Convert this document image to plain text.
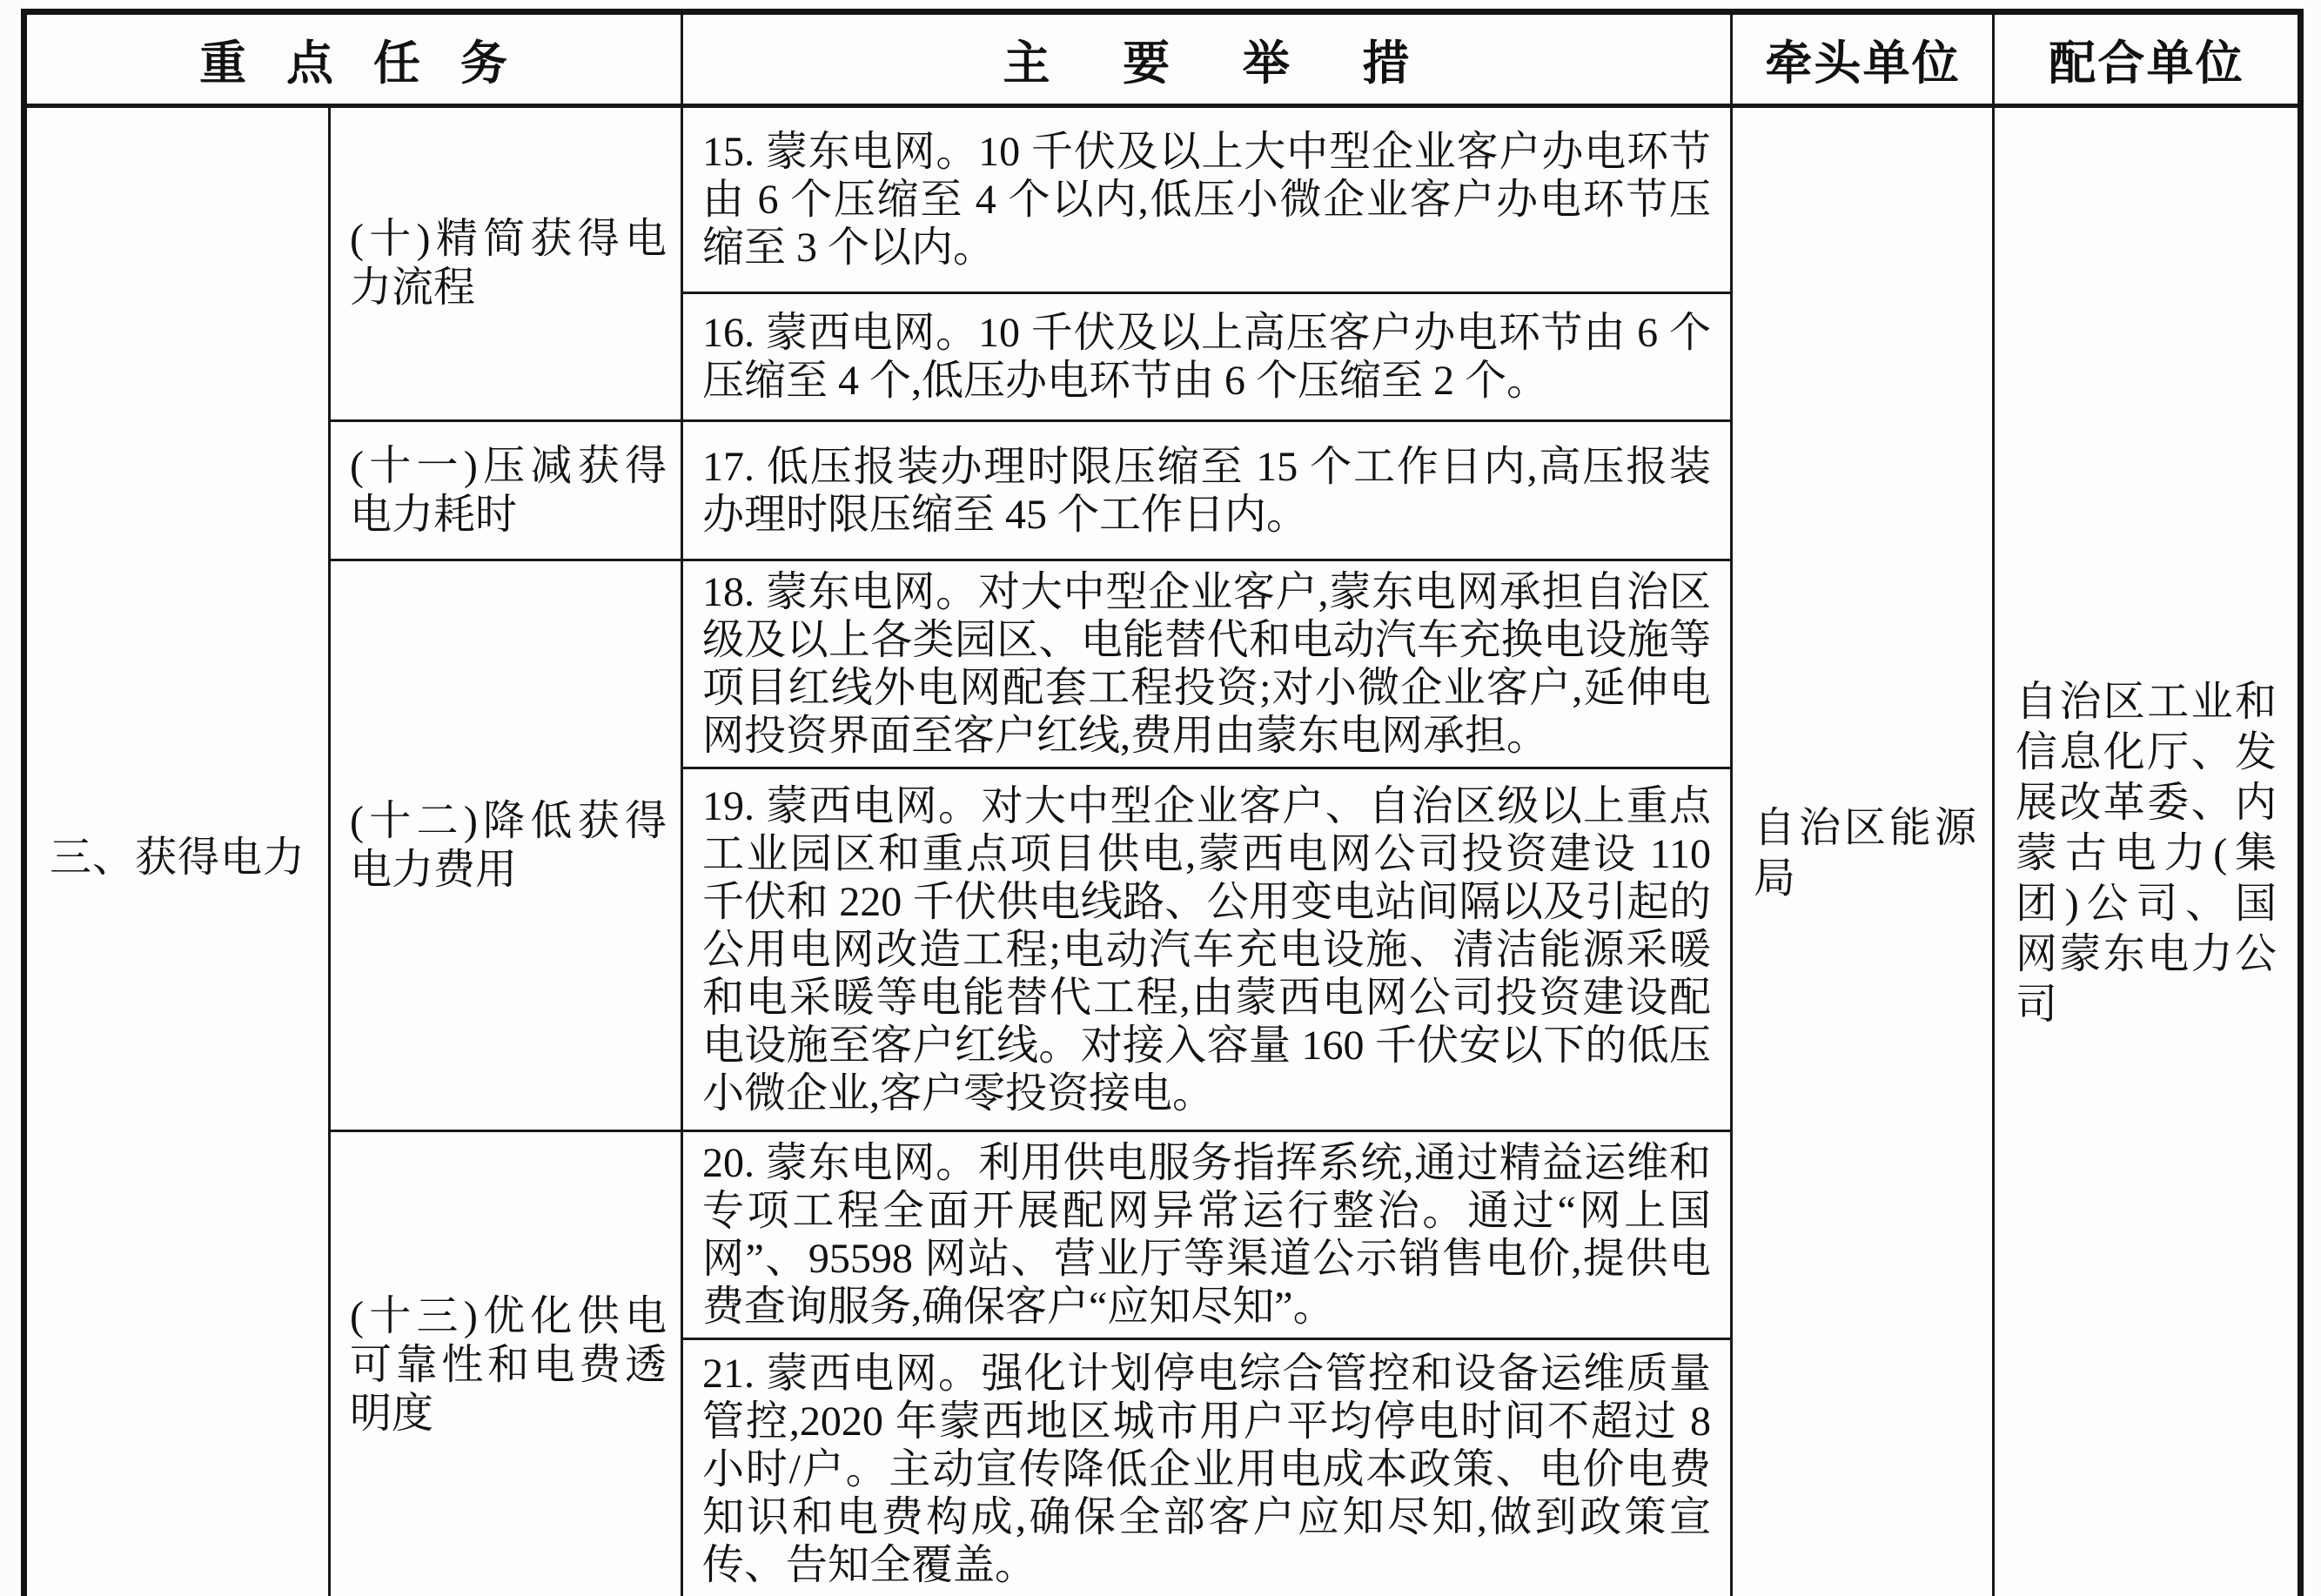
重点任务		主要举措	牵头单位	配合单位
三、获得电力	(十)精简获得电力流程	15. 蒙东电网。10 千伏及以上大中型企业客户办电环节由 6 个压缩至 4 个以内,低压小微企业客户办电环节压缩至 3 个以内。	自治区能源局	自治区工业和信息化厅、发展改革委、内蒙古电力(集团)公司、国网蒙东电力公司
		16. 蒙西电网。10 千伏及以上高压客户办电环节由 6 个压缩至 4 个,低压办电环节由 6 个压缩至 2 个。		
	(十一)压减获得电力耗时	17. 低压报装办理时限压缩至 15 个工作日内,高压报装办理时限压缩至 45 个工作日内。		
	(十二)降低获得电力费用	18. 蒙东电网。对大中型企业客户,蒙东电网承担自治区级及以上各类园区、电能替代和电动汽车充换电设施等项目红线外电网配套工程投资;对小微企业客户,延伸电网投资界面至客户红线,费用由蒙东电网承担。		
		19. 蒙西电网。对大中型企业客户、自治区级以上重点工业园区和重点项目供电,蒙西电网公司投资建设 110 千伏和 220 千伏供电线路、公用变电站间隔以及引起的公用电网改造工程;电动汽车充电设施、清洁能源采暖和电采暖等电能替代工程,由蒙西电网公司投资建设配电设施至客户红线。对接入容量 160 千伏安以下的低压小微企业,客户零投资接电。		
	(十三)优化供电可靠性和电费透明度	20. 蒙东电网。利用供电服务指挥系统,通过精益运维和专项工程全面开展配网异常运行整治。通过“网上国网”、95598 网站、营业厅等渠道公示销售电价,提供电费查询服务,确保客户“应知尽知”。		
		21. 蒙西电网。强化计划停电综合管控和设备运维质量管控,2020 年蒙西地区城市用户平均停电时间不超过 8 小时/户。主动宣传降低企业用电成本政策、电价电费知识和电费构成,确保全部客户应知尽知,做到政策宣传、告知全覆盖。		
